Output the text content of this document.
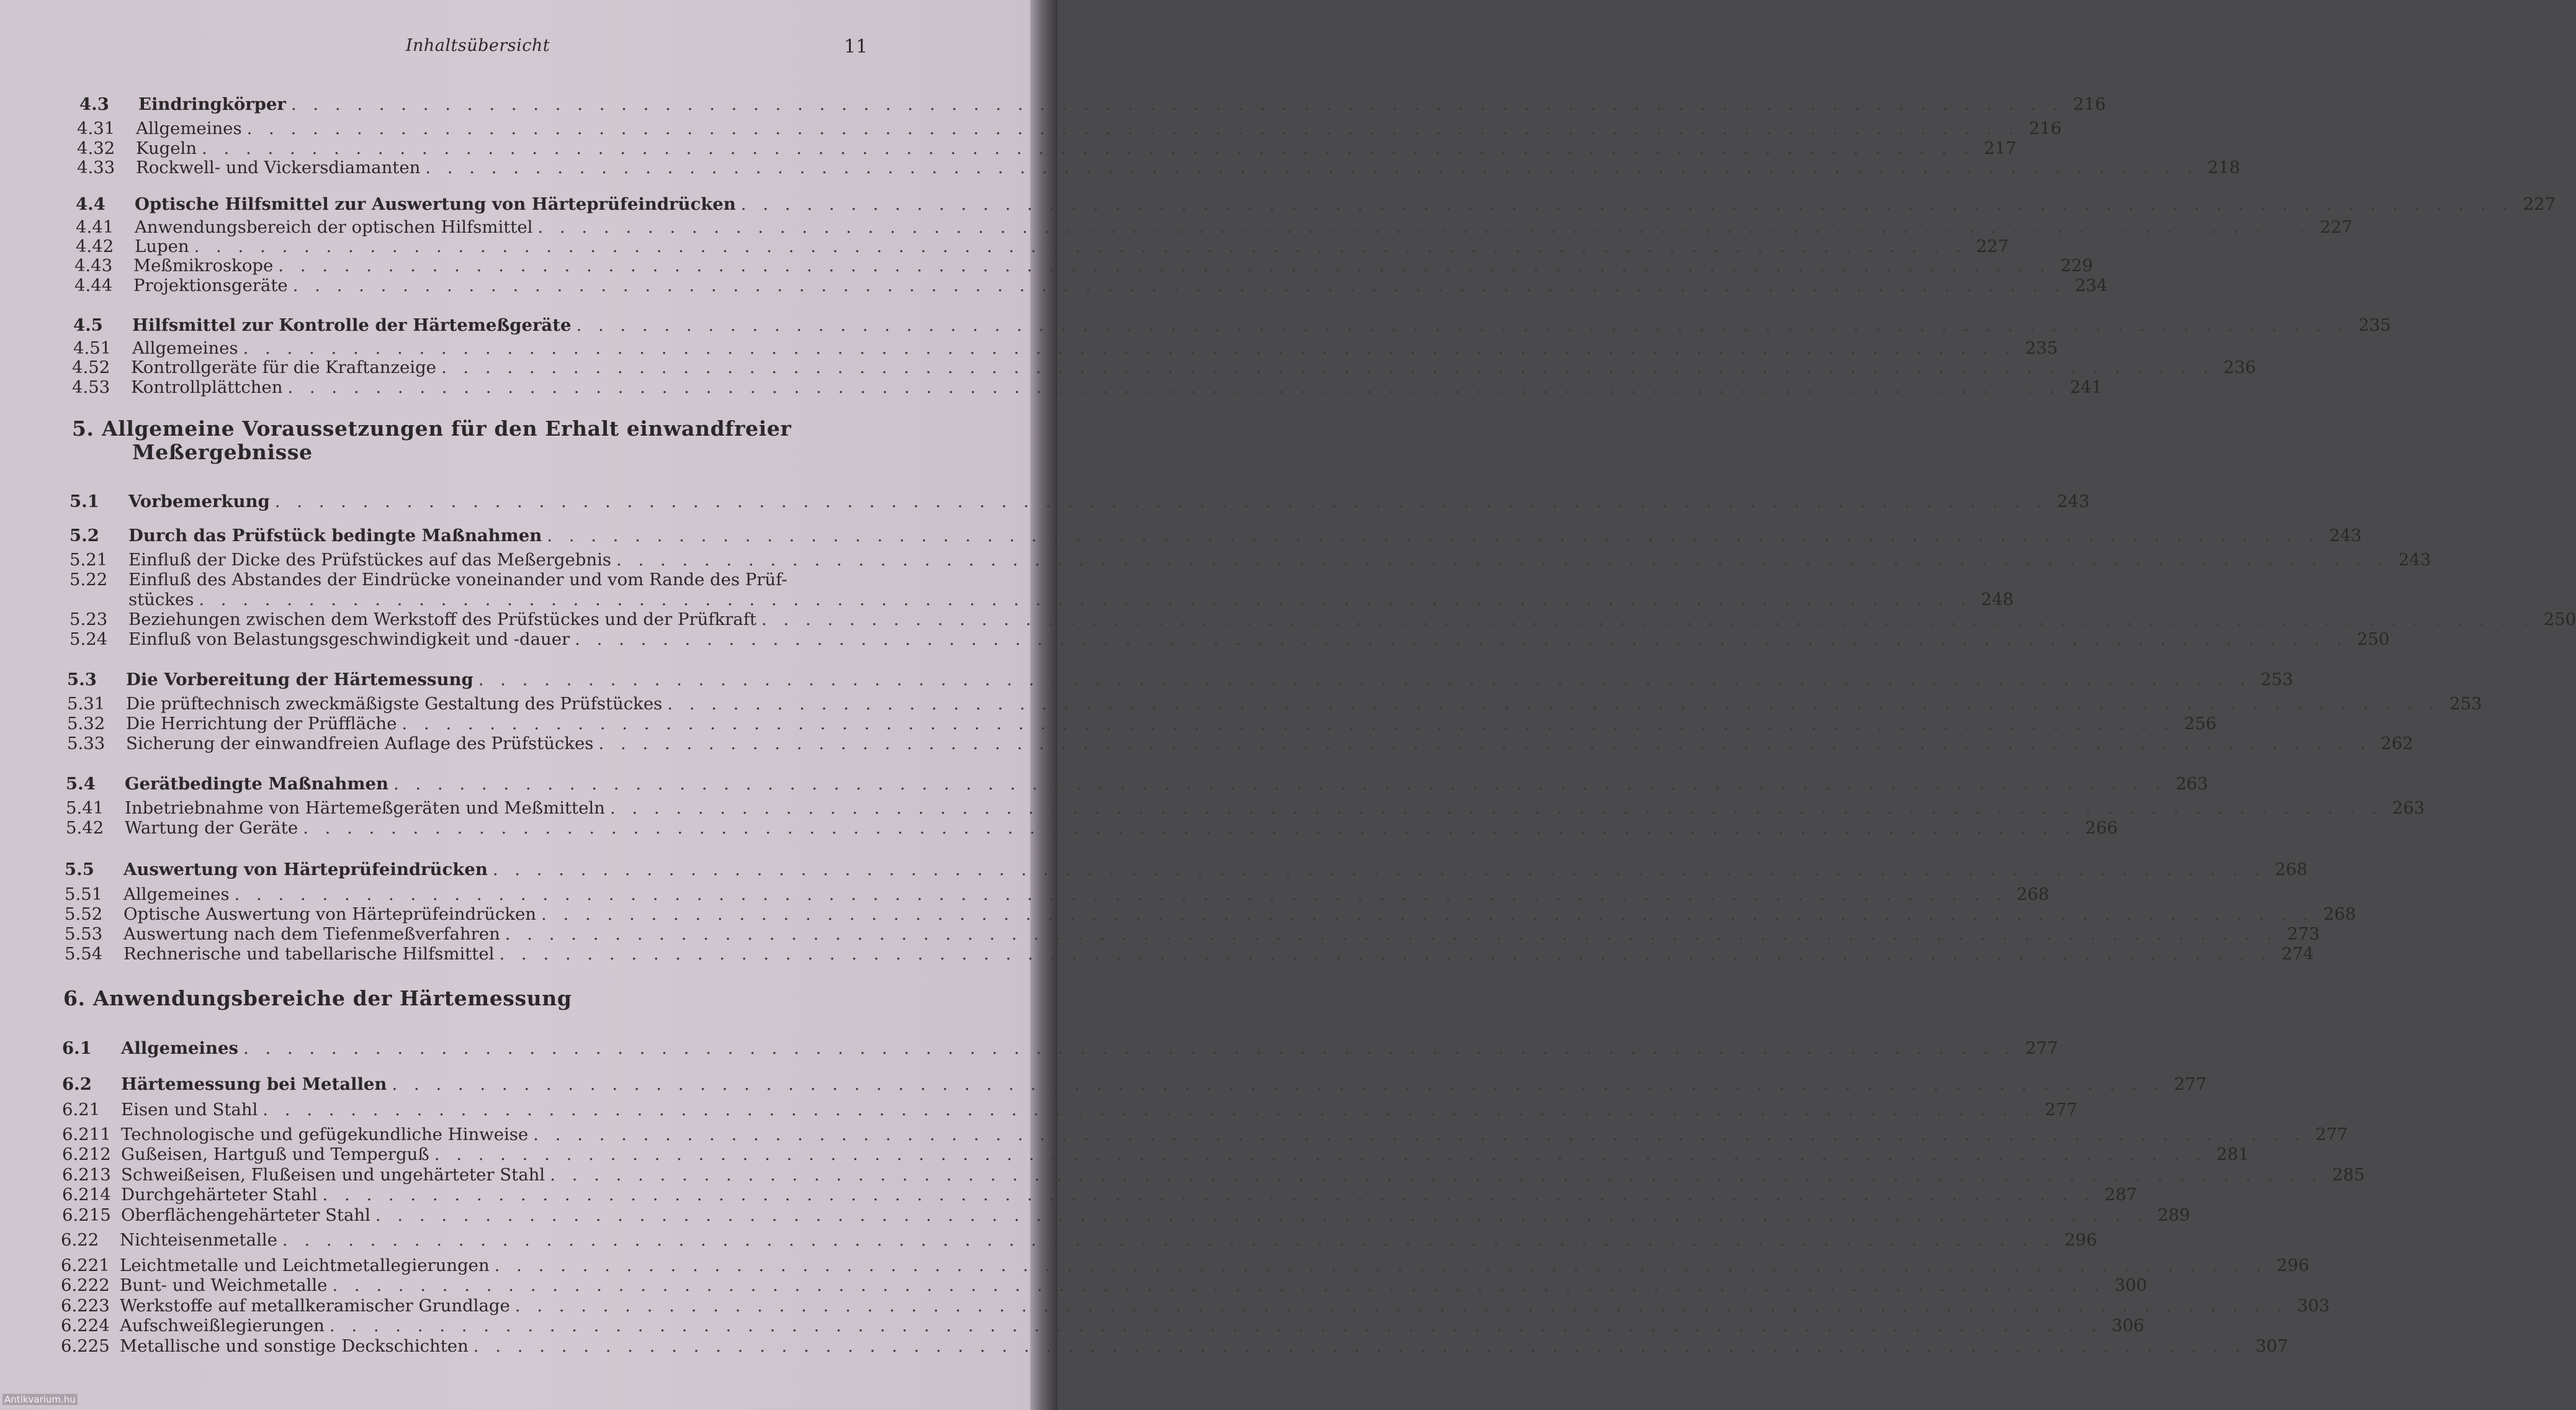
Inhaltsübersicht	11
5. Allgemeine Voraussetzungen für den Erhalt einwandfreier
Meßergebnisse
6. Anwendungsbereiche der Härtemessung
4.3	Eindringkörper . . .	216
4.31	Allgemeines . . .	216
4.32	Kugeln . . .	217
4.33	Rockwell- und Vickersdiamanten . . .	218
4.4	Optische Hilfsmittel zur Auswertung von Härteprüfeindrücken . . .	227
4.41	Anwendungsbereich der optischen Hilfsmittel . . .	227
4.42	Lupen . . .	227
4.43	Meßmikroskope . . .	229
4.44	Projektionsgeräte . . .	234
4.5	Hilfsmittel zur Kontrolle der Härtemeßgeräte . . .	235
4.51	Allgemeines . . .	235
4.52	Kontrollgeräte für die Kraftanzeige . . .	236
4.53	Kontrollplättchen . . .	241
5.1	Vorbemerkung . . .	243
5.2	Durch das Prüfstück bedingte Maßnahmen . . .	243
5.21	Einfluß der Dicke des Prüfstückes auf das Meßergebnis . . .	243
5.22	Einfluß des Abstandes der Eindrücke voneinander und vom Rande des Prüf-
stückes . . .	248
5.23	Beziehungen zwischen dem Werkstoff des Prüfstückes und der Prüfkraft . . .	250
5.24	Einfluß von Belastungsgeschwindigkeit und -dauer . . .	250
5.3	Die Vorbereitung der Härtemessung . . .	253
5.31	Die prüftechnisch zweckmäßigste Gestaltung des Prüfstückes . . .	253
5.32	Die Herrichtung der Prüffläche . . .	256
5.33	Sicherung der einwandfreien Auflage des Prüfstückes . . .	262
5.4	Gerätbedingte Maßnahmen . . .	263
5.41	Inbetriebnahme von Härtemeßgeräten und Meßmitteln . . .	263
5.42	Wartung der Geräte . . .	266
5.5	Auswertung von Härteprüfeindrücken . . .	268
5.51	Allgemeines . . .	268
5.52	Optische Auswertung von Härteprüfeindrücken . . .	268
5.53	Auswertung nach dem Tiefenmeßverfahren . . .	273
5.54	Rechnerische und tabellarische Hilfsmittel . . .	274
6.1	Allgemeines . . .	277
6.2	Härtemessung bei Metallen . . .	277
6.21	Eisen und Stahl . . .	277
6.211 Technologische und gefügekundliche Hinweise . . .	277
6.212 Gußeisen, Hartguß und Temperguß . . .	281
6.213 Schweißeisen, Flußeisen und ungehärteter Stahl . . .	285
6.214 Durchgehärteter Stahl . . .	287
6.215 Oberflächengehärteter Stahl . . .	289
6.22	Nichteisenmetalle . . .	296
6.221 Leichtmetalle und Leichtmetallegierungen . . .	296
6.222 Bunt- und Weichmetalle . . .	300
6.223 Werkstoffe auf metallkeramischer Grundlage . . .	303
6.224 Aufschweißlegierungen . . .	306
6.225 Metallische und sonstige Deckschichten . . .	307
Antikvarium.hu
